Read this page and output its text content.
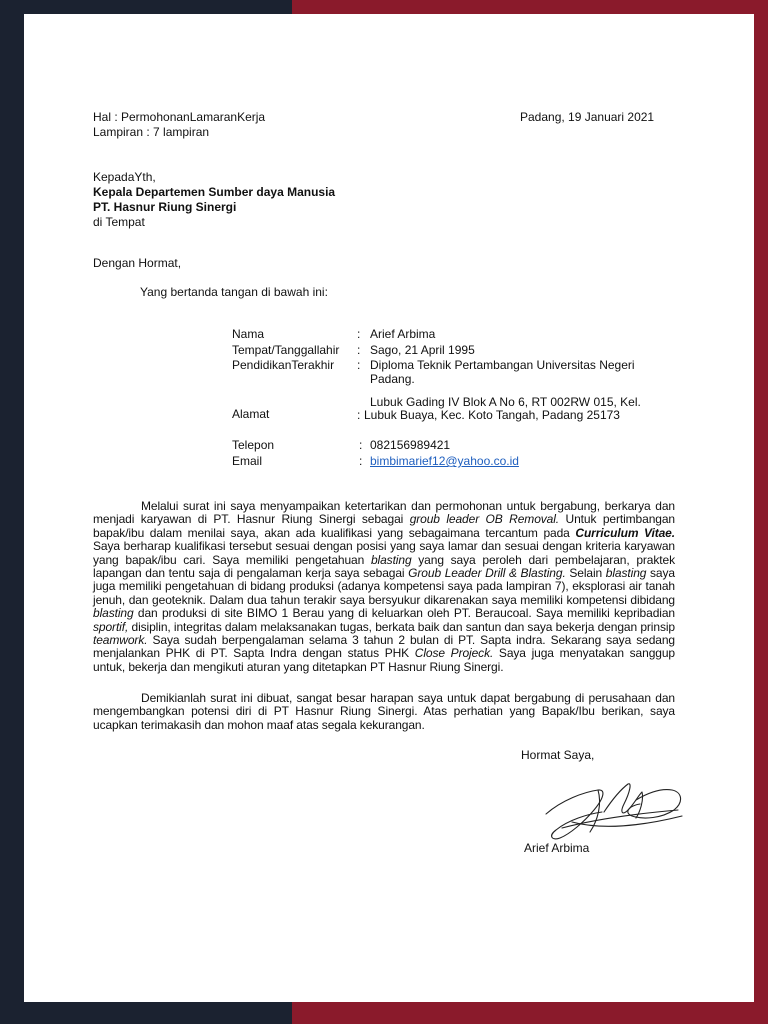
Hal : PermohonanLamaranKerja
Lampiran : 7 lampiran
Padang, 19 Januari 2021
KepadaYth,
Kepala Departemen Sumber daya Manusia
PT. Hasnur Riung Sinergi
di Tempat
Dengan Hormat,
Yang bertanda tangan di bawah ini:
Nama	: Arief Arbima
Tempat/Tanggallahir : Sago, 21 April 1995
PendidikanTerakhir : Diploma Teknik Pertambangan Universitas Negeri
Padang.
Lubuk Gading IV Blok A No 6, RT 002RW 015, Kel.
Alamat	: Lubuk Buaya, Kec. Koto Tangah, Padang 25173
Telepon	: 082156989421
Email	: bimbimarief12@yahoo.co.id
Melalui surat ini saya menyampaikan ketertarikan dan permohonan untuk bergabung, berkarya dan menjadi karyawan di PT. Hasnur Riung Sinergi sebagai groub leader OB Removal. Untuk pertimbangan bapak/ibu dalam menilai saya, akan ada kualifikasi yang sebagaimana tercantum pada Curriculum Vitae. Saya berharap kualifikasi tersebut sesuai dengan posisi yang saya lamar dan sesuai dengan kriteria karyawan yang bapak/ibu cari. Saya memiliki pengetahuan blasting yang saya peroleh dari pembelajaran, praktek lapangan dan tentu saja di pengalaman kerja saya sebagai Groub Leader Drill & Blasting. Selain blasting saya juga memiliki pengetahuan di bidang produksi (adanya kompetensi saya pada lampiran 7), eksplorasi air tanah jenuh, dan geoteknik. Dalam dua tahun terakir saya bersyukur dikarenakan saya memiliki kompetensi dibidang blasting dan produksi di site BIMO 1 Berau yang di keluarkan oleh PT. Beraucoal. Saya memiliki kepribadian sportif, disiplin, integritas dalam melaksanakan tugas, berkata baik dan santun dan saya bekerja dengan prinsip teamwork. Saya sudah berpengalaman selama 3 tahun 2 bulan di PT. Sapta indra. Sekarang saya sedang menjalankan PHK di PT. Sapta Indra dengan status PHK Close Projeck. Saya juga menyatakan sanggup untuk, bekerja dan mengikuti aturan yang ditetapkan PT Hasnur Riung Sinergi.
Demikianlah surat ini dibuat, sangat besar harapan saya untuk dapat bergabung di perusahaan dan mengembangkan potensi diri di PT Hasnur Riung Sinergi. Atas perhatian yang Bapak/Ibu berikan, saya ucapkan terimakasih dan mohon maaf atas segala kekurangan.
Hormat Saya,
Arief Arbima
